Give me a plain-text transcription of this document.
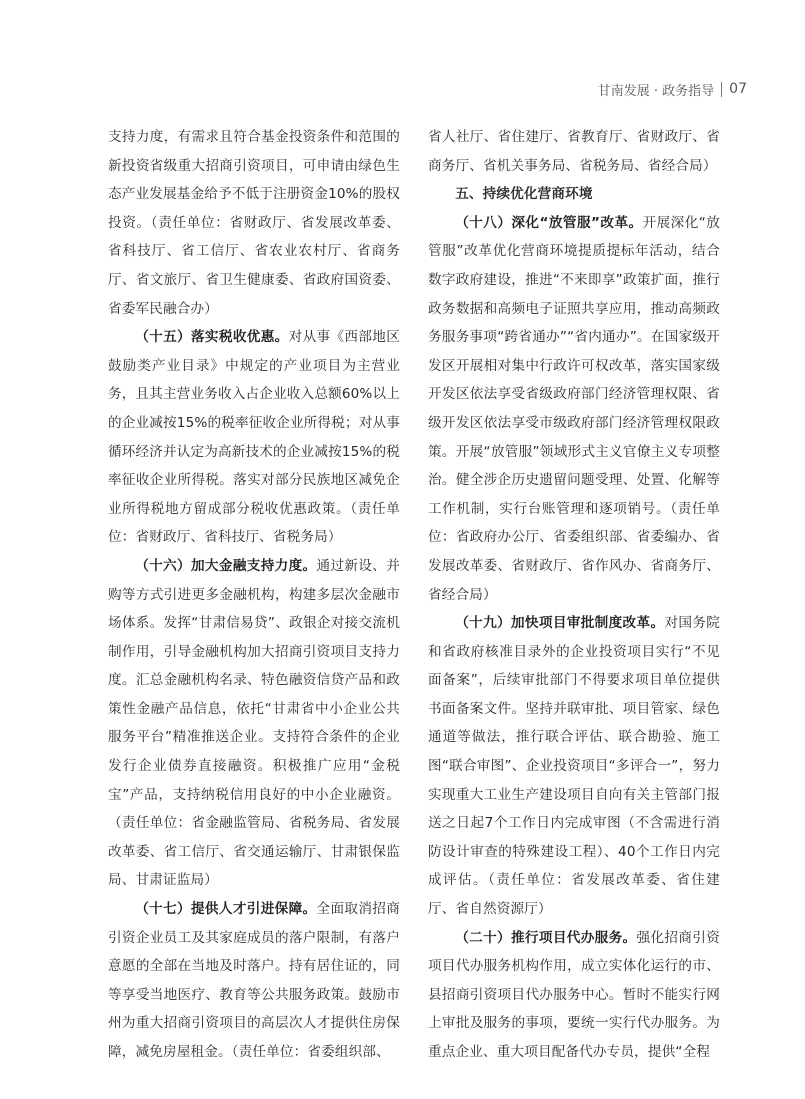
甘南发展 · 政务指导 07

支持力度，有需求且符合基金投资条件和范围的新投资省级重大招商引资项目，可申请由绿色生态产业发展基金给予不低于注册资金10%的股权投资。（责任单位：省财政厅、省发展改革委、省科技厅、省工信厅、省农业农村厅、省商务厅、省文旅厅、省卫生健康委、省政府国资委、省委军民融合办）

（十五）落实税收优惠。对从事《西部地区鼓励类产业目录》中规定的产业项目为主营业务，且其主营业务收入占企业收入总额60%以上的企业减按15%的税率征收企业所得税；对从事循环经济并认定为高新技术的企业减按15%的税率征收企业所得税。落实对部分民族地区减免企业所得税地方留成部分税收优惠政策。（责任单位：省财政厅、省科技厅、省税务局）

（十六）加大金融支持力度。通过新设、并购等方式引进更多金融机构，构建多层次金融市场体系。发挥“甘肃信易贷”、政银企对接交流机制作用，引导金融机构加大招商引资项目支持力度。汇总金融机构名录、特色融资信贷产品和政策性金融产品信息，依托“甘肃省中小企业公共服务平台”精准推送企业。支持符合条件的企业发行企业债券直接融资。积极推广应用“金税宝”产品，支持纳税信用良好的中小企业融资。（责任单位：省金融监管局、省税务局、省发展改革委、省工信厅、省交通运输厅、甘肃银保监局、甘肃证监局）

（十七）提供人才引进保障。全面取消招商引资企业员工及其家庭成员的落户限制，有落户意愿的全部在当地及时落户。持有居住证的，同等享受当地医疗、教育等公共服务政策。鼓励市州为重大招商引资项目的高层次人才提供住房保障，减免房屋租金。（责任单位：省委组织部、

省人社厅、省住建厅、省教育厅、省财政厅、省商务厅、省机关事务局、省税务局、省经合局）

五、持续优化营商环境

（十八）深化“放管服”改革。开展深化“放管服”改革优化营商环境提质提标年活动，结合数字政府建设，推进“不来即享”政策扩面，推行政务数据和高频电子证照共享应用，推动高频政务服务事项“跨省通办”“省内通办”。在国家级开发区开展相对集中行政许可权改革，落实国家级开发区依法享受省级政府部门经济管理权限、省级开发区依法享受市级政府部门经济管理权限政策。开展“放管服”领域形式主义官僚主义专项整治。健全涉企历史遗留问题受理、处置、化解等工作机制，实行台账管理和逐项销号。（责任单位：省政府办公厅、省委组织部、省委编办、省发展改革委、省财政厅、省作风办、省商务厅、省经合局）

（十九）加快项目审批制度改革。对国务院和省政府核准目录外的企业投资项目实行“不见面备案”，后续审批部门不得要求项目单位提供书面备案文件。坚持并联审批、项目管家、绿色通道等做法，推行联合评估、联合勘验、施工图“联合审图”、企业投资项目“多评合一”，努力实现重大工业生产建设项目自向有关主管部门报送之日起7个工作日内完成审图（不含需进行消防设计审查的特殊建设工程）、40个工作日内完成评估。（责任单位：省发展改革委、省住建厅、省自然资源厅）

（二十）推行项目代办服务。强化招商引资项目代办服务机构作用，成立实体化运行的市、县招商引资项目代办服务中心。暂时不能实行网上审批及服务的事项，要统一实行代办服务。为重点企业、重大项目配备代办专员，提供“全程
